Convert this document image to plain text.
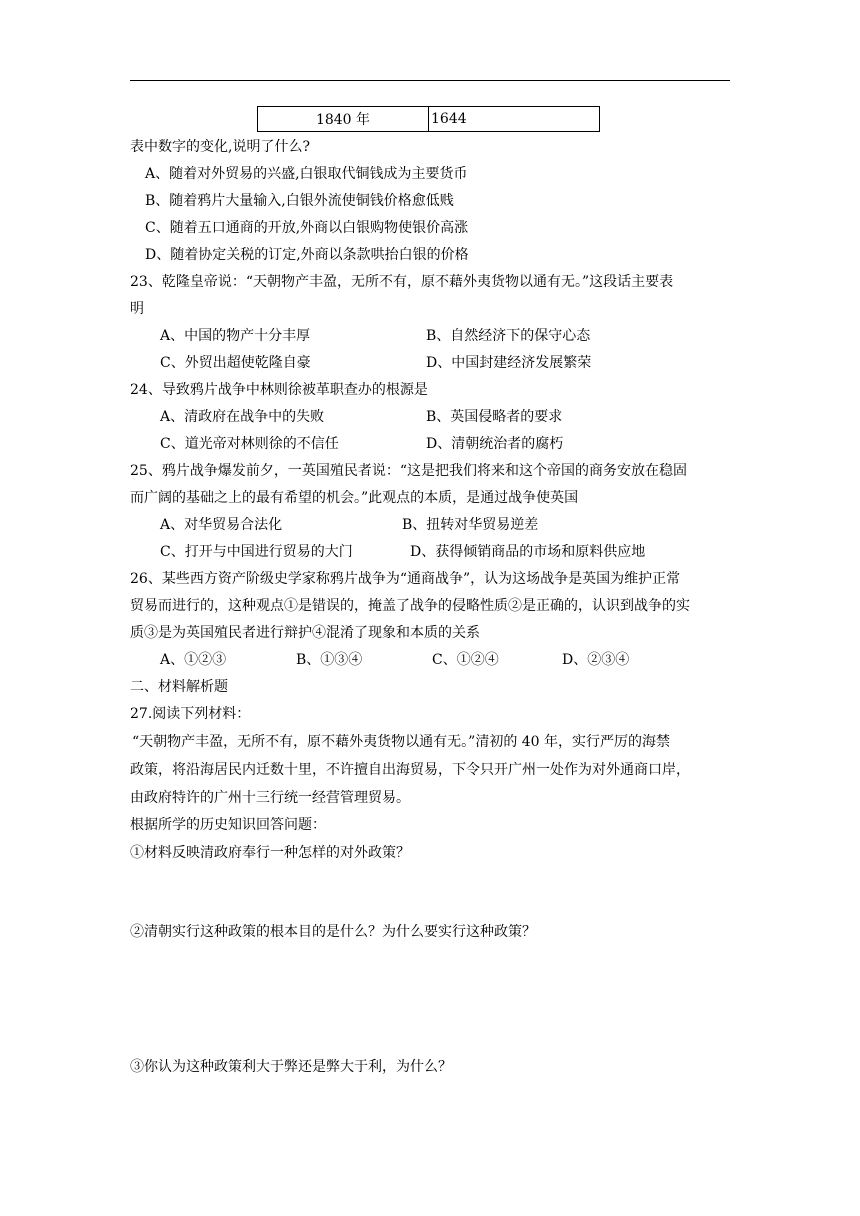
1840 年	1644
表中数字的变化,说明了什么?
A、随着对外贸易的兴盛,白银取代铜钱成为主要货币
B、随着鸦片大量输入,白银外流使铜钱价格愈低贱
C、随着五口通商的开放,外商以白银购物使银价高涨
D、随着协定关税的订定,外商以条款哄抬白银的价格
23、乾隆皇帝说：“天朝物产丰盈，无所不有，原不藉外夷货物以通有无。”这段话主要表
明
A、中国的物产十分丰厚	B、自然经济下的保守心态
C、外贸出超使乾隆自豪	D、中国封建经济发展繁荣
24、导致鸦片战争中林则徐被革职查办的根源是
A、清政府在战争中的失败	B、英国侵略者的要求
C、道光帝对林则徐的不信任	D、清朝统治者的腐朽
25、鸦片战争爆发前夕，一英国殖民者说：“这是把我们将来和这个帝国的商务安放在稳固
而广阔的基础之上的最有希望的机会。”此观点的本质，是通过战争使英国
A、对华贸易合法化	B、扭转对华贸易逆差
C、打开与中国进行贸易的大门	D、获得倾销商品的市场和原料供应地
26、某些西方资产阶级史学家称鸦片战争为“通商战争”，认为这场战争是英国为维护正常
贸易而进行的，这种观点①是错误的，掩盖了战争的侵略性质②是正确的，认识到战争的实
质③是为英国殖民者进行辩护④混淆了现象和本质的关系
A、①②③	B、①③④	C、①②④	D、②③④
二、材料解析题
27.阅读下列材料：
“天朝物产丰盈，无所不有，原不藉外夷货物以通有无。”清初的 40 年，实行严厉的海禁
政策，将沿海居民内迁数十里，不许擅自出海贸易，下令只开广州一处作为对外通商口岸，
由政府特许的广州十三行统一经营管理贸易。
根据所学的历史知识回答问题：
①材料反映清政府奉行一种怎样的对外政策？
②清朝实行这种政策的根本目的是什么？为什么要实行这种政策？
③你认为这种政策利大于弊还是弊大于利，为什么？
